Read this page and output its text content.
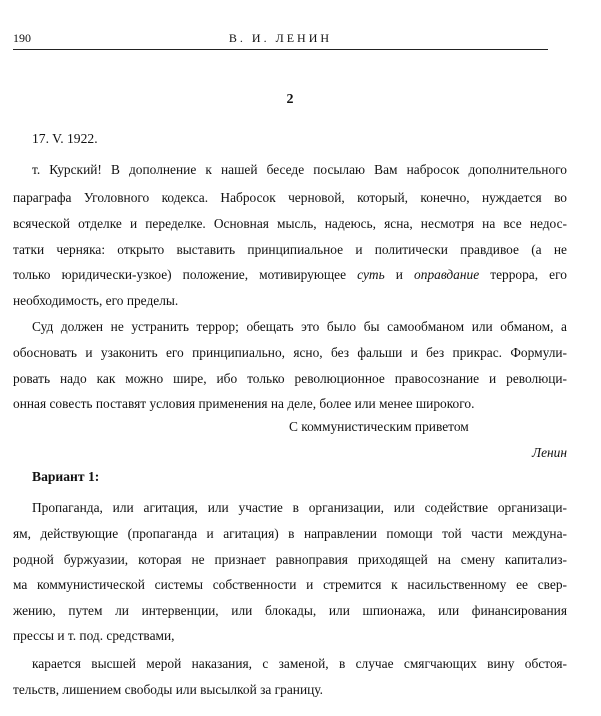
190	В. И. ЛЕНИН
2
17. V. 1922.
т. Курский! В дополнение к нашей беседе посылаю Вам набросок дополнительного
параграфа Уголовного кодекса. Набросок черновой, который, конечно, нуждается во
всяческой отделке и переделке. Основная мысль, надеюсь, ясна, несмотря на все недос-
татки черняка: открыто выставить принципиальное и политически правдивое (а не
только юридически-узкое) положение, мотивирующее суть и оправдание террора, его
необходимость, его пределы.
Суд должен не устранить террор; обещать это было бы самообманом или обманом, а
обосновать и узаконить его принципиально, ясно, без фальши и без прикрас. Формули-
ровать надо как можно шире, ибо только революционное правосознание и революци-
онная совесть поставят условия применения на деле, более или менее широкого.
С коммунистическим приветом
Ленин
Вариант 1:
Пропаганда, или агитация, или участие в организации, или содействие организаци-
ям, действующие (пропаганда и агитация) в направлении помощи той части междуна-
родной буржуазии, которая не признает равноправия приходящей на смену капитализ-
ма коммунистической системы собственности и стремится к насильственному ее свер-
жению, путем ли интервенции, или блокады, или шпионажа, или финансирования
прессы и т. под. средствами,
карается высшей мерой наказания, с заменой, в случае смягчающих вину обстоя-
тельств, лишением свободы или высылкой за границу.
